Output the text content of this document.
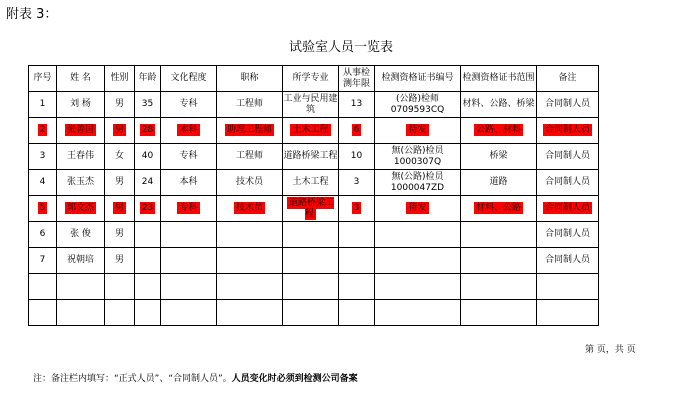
附表 3：
试验室人员一览表
序号	姓 名	性别	年龄	文化程度	职称	所学专业	从事检测年限	检测资格证书编号	检测资格证书范围	备注
1	刘 杨	男	35	专科	工程师	工业与民用建筑	13	(公路)检师0709593CQ	材料、公路、桥梁	合同制人员
2	张善国	男	28	本科	助理工程师	土木工程	6	待发	公路、材料	合同制人员
3	王春伟	女	40	专科	工程师	道路桥梁工程	10	無(公路)检员1000307Q	桥梁	合同制人员
4	张玉杰	男	24	本科	技术员	土木工程	3	無(公路)检员1000047ZD	道路	合同制人员
5	郭文杰	男	23	专科	技术员	道路桥梁工程	3	待发	材料、公路	合同制人员
6	张 俊	男								合同制人员
7	祝朝培	男								合同制人员

第 页，共 页
注：备注栏内填写：“正式人员”、“合同制人员”。人员变化时必须到检测公司备案
